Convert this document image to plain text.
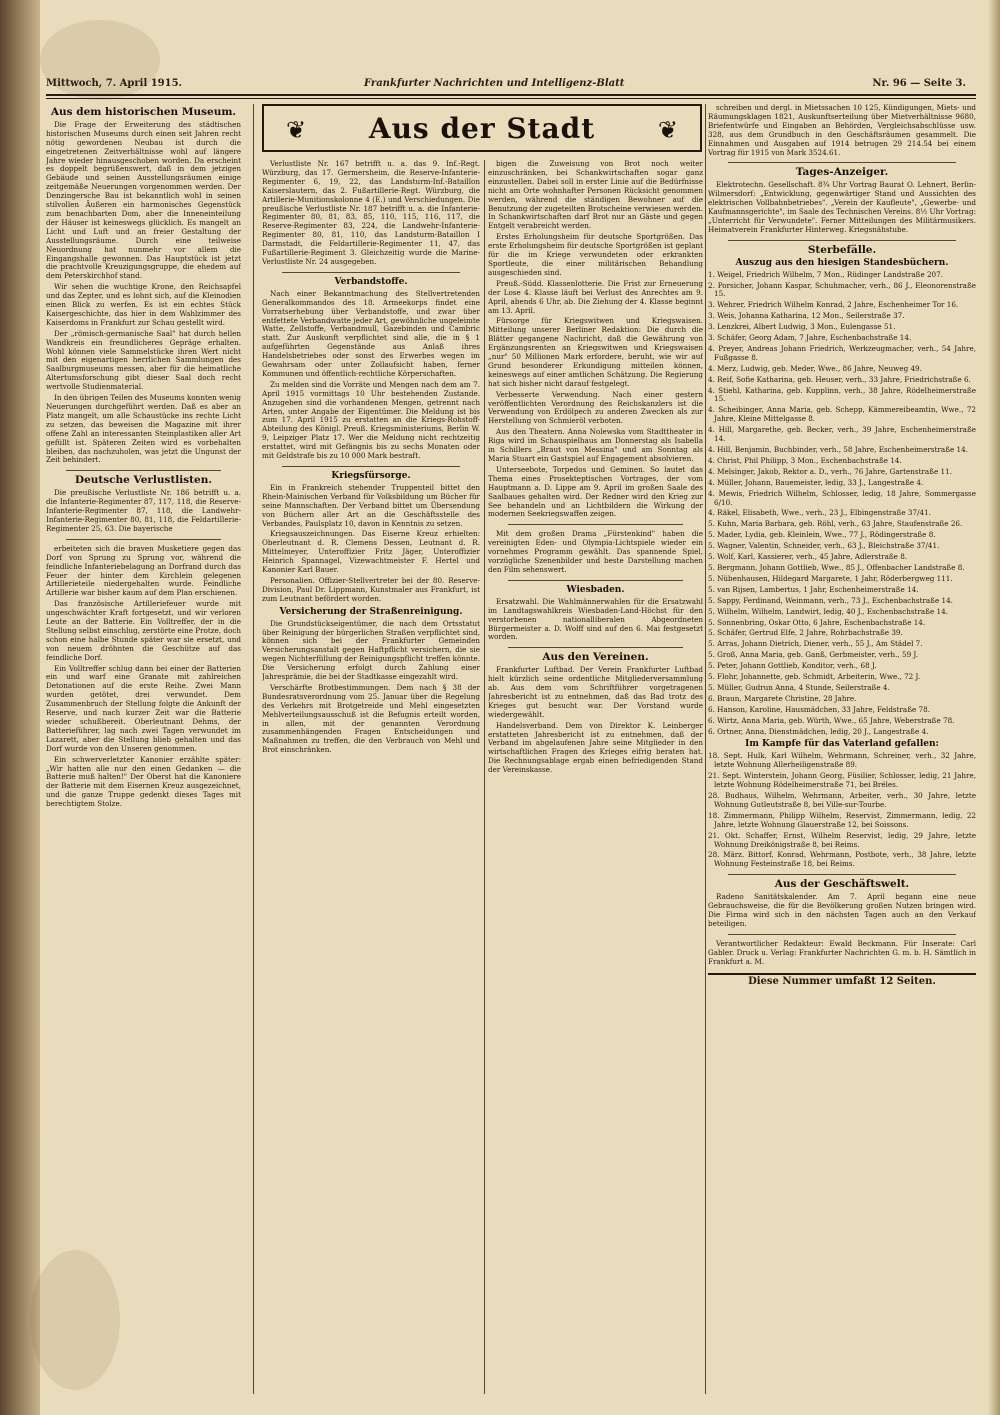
Mittwoch, 7. April 1915.	Frankfurter Nachrichten und Intelligenz-Blatt	Nr. 96 — Seite 3.
Aus dem historischen Museum.

Die Frage der Erweiterung des städtischen historischen Museums durch einen seit Jahren recht nötig gewordenen Neubau ist durch die eingetretenen Zeitverhältnisse wohl auf längere Jahre wieder hinausgeschoben worden. Da erscheint es doppelt begrüßenswert, daß in dem jetzigen Gebäude und seinen Ausstellungsräumen einige zeitgemäße Neuerungen vorgenommen werden. Der Denzingersche Bau ist bekanntlich wohl in seinen stilvollen Äußeren ein harmonisches Gegenstück zum benachbarten Dom, aber die Inneneinteilung der Häuser ist keineswegs glücklich. Es mangelt an Licht und Luft und an freier Gestaltung der Ausstellungsräume. Durch eine teilweise Neuordnung hat nunmehr vor allem die Eingangshalle gewonnen. Das Hauptstück ist jetzt die prachtvolle Kreuzigungsgruppe, die ehedem auf dem Peterskirchhof stand.

Wir sehen die wuchtige Krone, den Reichsapfel und das Zepter, und es lohnt sich, auf die Kleinodien einen Blick zu werfen. Es ist ein echtes Stück Kaisergeschichte, das hier in dem Wahlzimmer des Kaiserdoms in Frankfurt zur Schau gestellt wird.

Der „römisch-germanische Saal" hat durch hellen Wandkreis ein freundlicheres Gepräge erhalten. Wohl können viele Sammelstücke ihren Wert nicht mit den eigenartigen herrlichen Sammlungen des Saalburgmuseums messen, aber für die heimatliche Altertumsforschung gibt dieser Saal doch recht wertvolle Studienmaterial.

In den übrigen Teilen des Museums konnten wenig Neuerungen durchgeführt werden. Daß es aber an Platz mangelt, um alle Schaustücke ins rechte Licht zu setzen, das beweisen die Magazine mit ihrer offene Zahl an interessanten Steinplastiken aller Art gefüllt ist. Späteren Zeiten wird es vorbehalten bleiben, das nachzuholen, was jetzt die Ungunst der Zeit behindert.

Deutsche Verlustlisten.

Die preußische Verlustliste Nr. 186 betrifft u. a. die Infanterie-Regimenter 87, 117, 118, die Reserve-Infanterie-Regimenter 87, 118, die Landwehr-Infanterie-Regimenter 80, 81, 118, die Feldartillerie-Regimenter 25, 63. Die bayerische

erbeiteten sich die braven Musketiere gegen das Dorf von Sprung zu Sprung vor, während die feindliche Infanteriebelagung an Dorfrand durch das Feuer der hinter dem Kirchlein gelegenen Artillerieteile niedergehalten wurde. Feindliche Artillerie war bisher kaum auf dem Plan erschienen.

Das französische Artilleriefeuer wurde mit ungeschwächter Kraft fortgesetzt, und wir verloren Leute an der Batterie. Ein Volltreffer, der in die Stellung selbst einschlug, zerstörte eine Protze, doch schon eine halbe Stunde später war sie ersetzt, und von neuem dröhnten die Geschütze auf das feindliche Dorf.

Ein Volltreffer schlug dann bei einer der Batterien ein und warf eine Granate mit zahlreichen Detonationen auf die erste Reihe. Zwei Mann wurden getötet, drei verwundet. Dem Zusammenbruch der Stellung folgte die Ankunft der Reserve, und nach kurzer Zeit war die Batterie wieder schußbereit. Oberleutnant Dehms, der Batterieführer, lag nach zwei Tagen verwundet im Lazarett, aber die Stellung blieb gehalten und das Dorf wurde von den Unseren genommen.

Ein schwerverletzter Kanonier erzählte später: „Wir hatten alle nur den einen Gedanken — die Batterie muß halten!" Der Oberst hat die Kanoniere der Batterie mit dem Eisernen Kreuz ausgezeichnet, und die ganze Truppe gedenkt dieses Tages mit berechtigtem Stolze.

❦	Aus der Stadt	❦

Verlustliste Nr. 167 betrifft u. a. das 9. Inf.-Regt. Würzburg, das 17. Germersheim, die Reserve-Infanterie-Regimenter 6, 19, 22, das Landsturm-Inf.-Bataillon Kaiserslautern, das 2. Fußartillerie-Regt. Würzburg, die Artillerie-Munitionskolonne 4 (E.) und Verschiedungen. Die preußische Verlustliste Nr. 187 betrifft u. a. die Infanterie-Regimenter 80, 81, 83, 85, 110, 115, 116, 117, die Reserve-Regimenter 83, 224, die Landwehr-Infanterie-Regimenter 80, 81, 110, das Landsturm-Bataillon I Darmstadt, die Feldartillerie-Regimenter 11, 47, das Fußartillerie-Regiment 3. Gleichzeitig wurde die Marine-Verlustliste Nr. 24 ausgegeben.

Verbandstoffe.

Nach einer Bekanntmachung des Stellvertretenden Generalkommandos des 18. Armeekorps findet eine Vorratserhebung über Verbandstoffe, und zwar über entfettete Verbandwatte jeder Art, gewöhnliche ungeleimte Watte, Zellstoffe, Verbandmull, Gazebinden und Cambric statt. Zur Auskunft verpflichtet sind alle, die in § 1 aufgeführten Gegenstände aus Anlaß ihres Handelsbetriebes oder sonst des Erwerbes wegen im Gewahrsam oder unter Zollaufsicht haben, ferner Kommunen und öffentlich-rechtliche Körperschaften.

Zu melden sind die Vorräte und Mengen nach dem am 7. April 1915 vormittags 10 Uhr bestehenden Zustande. Anzugeben sind die vorhandenen Mengen, getrennt nach Arten, unter Angabe der Eigentümer. Die Meldung ist bis zum 17. April 1915 zu erstatten an die Kriegs-Rohstoff-Abteilung des Königl. Preuß. Kriegsministeriums, Berlin W. 9, Leipziger Platz 17. Wer die Meldung nicht rechtzeitig erstattet, wird mit Gefängnis bis zu sechs Monaten oder mit Geldstrafe bis zu 10 000 Mark bestraft.

Kriegsfürsorge.

Ein in Frankreich stehender Truppenteil bittet den Rhein-Mainischen Verband für Volksbildung um Bücher für seine Mannschaften. Der Verband bittet um Übersendung von Büchern aller Art an die Geschäftsstelle des Verbandes, Paulsplatz 10, davon in Kenntnis zu setzen.

Kriegsauszeichnungen. Das Eiserne Kreuz erhielten: Oberleutnant d. R. Clemens Dessen, Leutnant d. R. Mittelmeyer, Unteroffizier Fritz Jäger, Unteroffizier Heinrich Spannagel, Vizewachtmeister F. Hertel und Kanonier Karl Bauer.

Personalien. Offizier-Stellvertreter bei der 80. Reserve-Division, Paul Dr. Lippmann, Kunstmaler aus Frankfurt, ist zum Leutnant befördert worden.

Versicherung der Straßenreinigung.

Die Grundstückseigentümer, die nach dem Ortsstatut über Reinigung der bürgerlichen Straßen verpflichtet sind, können sich bei der Frankfurter Gemeinden Versicherungsanstalt gegen Haftpflicht versichern, die sie wegen Nichterfüllung der Reinigungspflicht treffen könnte. Die Versicherung erfolgt durch Zahlung einer Jahresprämie, die bei der Stadtkasse eingezahlt wird.

Verschärfte Brotbestimmungen. Dem nach § 38 der Bundesratsverordnung vom 25. Januar über die Regelung des Verkehrs mit Brotgetreide und Mehl eingesetzten Mehlverteilungsausschuß ist die Befugnis erteilt worden, in allen, mit der genannten Verordnung zusammenhängenden Fragen Entscheidungen und Maßnahmen zu treffen, die den Verbrauch von Mehl und Brot einschränken.

bigen die Zuweisung von Brot noch weiter einzuschränken, bei Schankwirtschaften sogar ganz einzustellen. Dabei soll in erster Linie auf die Bedürfnisse nicht am Orte wohnhafter Personen Rücksicht genommen werden, während die ständigen Bewohner auf die Benutzung der zugeteilten Brotscheine verwiesen werden. In Schankwirtschaften darf Brot nur an Gäste und gegen Entgelt verabreicht werden.

Erstes Erholungsheim für deutsche Sportgrößen. Das erste Erholungsheim für deutsche Sportgrößen ist geplant für die im Kriege verwundeten oder erkrankten Sportleute, die einer militärischen Behandlung ausgeschieden sind.

Preuß.-Südd. Klassenlotterie. Die Frist zur Erneuerung der Lose 4. Klasse läuft bei Verlust des Anrechtes am 9. April, abends 6 Uhr, ab. Die Ziehung der 4. Klasse beginnt am 13. April.

Fürsorge für Kriegswitwen und Kriegswaisen. Mitteilung unserer Berliner Redaktion: Die durch die Blätter gegangene Nachricht, daß die Gewährung von Ergänzungsrenten an Kriegswitwen und Kriegswaisen „nur" 50 Millionen Mark erfordere, beruht, wie wir auf Grund besonderer Erkundigung mitteilen können, keineswegs auf einer amtlichen Schätzung. Die Regierung hat sich bisher nicht darauf festgelegt.

Verbesserte Verwendung. Nach einer gestern veröffentlichten Verordnung des Reichskanzlers ist die Verwendung von Erdölpech zu anderen Zwecken als zur Herstellung von Schmieröl verboten.

Aus den Theatern. Anna Nolewska vom Stadttheater in Riga wird im Schauspielhaus am Donnerstag als Isabella in Schillers „Braut von Messina" und am Sonntag als Maria Stuart ein Gastspiel auf Engagement absolvieren.

Unterseebote, Torpedos und Geminen. So lautet das Thema eines Prosekteptischen Vortrages, der vom Hauptmann a. D. Lippe am 9. April im großen Saale des Saalbaues gehalten wird. Der Redner wird den Krieg zur See behandeln und an Lichtbildern die Wirkung der modernen Seekriegswaffen zeigen.

Mit dem großen Drama „Fürstenkind" haben die vereinigten Eden- und Olympia-Lichtspiele wieder ein vornehmes Programm gewählt. Das spannende Spiel, vorzügliche Szenenbilder und beste Darstellung machen den Film sehenswert.

Wiesbaden.

Ersatzwahl. Die Wahlmännerwahlen für die Ersatzwahl im Landtagswahlkreis Wiesbaden-Land-Höchst für den verstorbenen nationalliberalen Abgeordneten Bürgermeister a. D. Wolff sind auf den 6. Mai festgesetzt worden.

Aus den Vereinen.

Frankfurter Luftbad. Der Verein Frankfurter Luftbad hielt kürzlich seine ordentliche Mitgliederversammlung ab. Aus dem vom Schriftführer vorgetragenen Jahresbericht ist zu entnehmen, daß das Bad trotz des Krieges gut besucht war. Der Vorstand wurde wiedergewählt.

Handelsverband. Dem von Direktor K. Leinberger erstatteten Jahresbericht ist zu entnehmen, daß der Verband im abgelaufenen Jahre seine Mitglieder in den wirtschaftlichen Fragen des Krieges eifrig beraten hat. Die Rechnungsablage ergab einen befriedigenden Stand der Vereinskasse.

schreiben und dergl. in Mietssachen 10 125, Kündigungen, Miets- und Räumungsklagen 1821, Auskunftserteilung über Mietverhältnisse 9680, Briefentwürfe und Eingaben an Behörden, Vergleichsabschlüsse usw. 328, aus dem Grundbuch in den Geschäftsräumen gesammelt. Die Einnahmen und Ausgaben auf 1914 betrugen 29 214.54 bei einem Vortrag für 1915 von Mark 3524.61.

Tages-Anzeiger.

Elektrotechn. Gesellschaft. 8¾ Uhr Vortrag Baurat O. Lehnert. Berlin-Wilmersdorf: „Entwicklung, gegenwärtiger Stand und Aussichten des elektrischen Vollbahnbetriebes". „Verein der Kaufleute", „Gewerbe- und Kaufmannsgerichte", im Saale des Technischen Vereins. 8½ Uhr Vortrag: „Unterricht für Verwundete". Ferner Mitteilungen des Militärmusikers. Heimatverein Frankfurter Hinterweg. Kriegsnähstube.

Sterbefälle.
Auszug aus den hiesigen Standesbüchern.

1. Weigel, Friedrich Wilhelm, 7 Mon., Rüdinger Landstraße 207.

2. Porsicher, Johann Kaspar, Schuhmacher, verh., 86 J., Eleonorenstraße 15.

3. Wehrer, Friedrich Wilhelm Konrad, 2 Jahre, Eschenheimer Tor 16.

3. Weis, Johanna Katharina, 12 Mon., Seilerstraße 37.

3. Lenzkrei, Albert Ludwig, 3 Mon., Eulengasse 51.

3. Schäfer, Georg Adam, 7 Jahre, Eschenbachstraße 14.

4. Preyer, Andreas Johann Friedrich, Werkzeugmacher, verh., 54 Jahre, Fußgasse 8.

4. Merz, Ludwig, geb. Meder, Wwe., 86 Jahre, Neuweg 49.

4. Reif, Sofie Katharina, geb. Heuser, verh., 33 Jahre, Friedrichstraße 6.

4. Stiehl, Katharina, geb. Kupplinn, verh., 38 Jahre, Rödelheimerstraße 15.

4. Scheibinger, Anna Maria, geb. Schepp, Kämmereibeamtin, Wwe., 72 Jahre, Kleine Mittelgasse 8.

4. Hill, Margarethe, geb. Becker, verh., 39 Jahre, Eschenheimerstraße 14.

4. Hill, Benjamin, Buchbinder, verh., 58 Jahre, Eschenheimerstraße 14.

4. Christ, Phil Philipp, 3 Mon., Eschenbachstraße 14.

4. Melsinger, Jakob, Rektor a. D., verh., 76 Jahre, Gartenstraße 11.

4. Müller, Johann, Bauemeister, ledig, 33 J., Langestraße 4.

4. Mewis, Friedrich Wilhelm, Schlosser, ledig, 18 Jahre, Sommergasse 6/10.

4. Räkel, Elisabeth, Wwe., verh., 23 J., Elbingenstraße 37/41.

5. Kuhn, Maria Barbara, geb. Röhl, verh., 63 Jahre, Staufenstraße 26.

5. Mader, Lydia, geb. Kleinlein, Wwe., 77 J., Rödingerstraße 8.

5. Wagner, Valentin, Schneider, verh., 63 J., Bleichstraße 37/41.

5. Wolf, Karl, Kassierer, verh., 45 Jahre, Adlerstraße 8.

5. Bergmann, Johann Gottlieb, Wwe., 85 J., Offenbacher Landstraße 8.

5. Nübenhausen, Hildegard Margarete, 1 Jahr, Röderbergweg 111.

5. van Rijsen, Lambertus, 1 Jahr, Eschenheimerstraße 14.

5. Sappy, Ferdinand, Weinmann, verh., 73 J., Eschenbachstraße 14.

5. Wilhelm, Wilhelm, Landwirt, ledig, 40 J., Eschenbachstraße 14.

5. Sonnenbring, Oskar Otto, 6 Jahre, Eschenbachstraße 14.

5. Schäfer, Gertrud Elfe, 2 Jahre, Rohrbachstraße 39.

5. Arras, Johann Dietrich, Diener, verh., 55 J., Am Städel 7.

5. Groß, Anna Maria, geb. Ganß, Gerbmeister, verh., 59 J.

5. Peter, Johann Gottlieb, Konditor, verh., 68 J.

5. Flohr, Johannette, geb. Schmidt, Arbeiterin, Wwe., 72 J.

5. Müller, Gudrun Anna, 4 Stunde, Seilerstraße 4.

6. Braun, Margarete Christine, 28 Jahre.

6. Hanson, Karoline, Hausmädchen, 33 Jahre, Feldstraße 78.

6. Wirtz, Anna Maria, geb. Würth, Wwe., 65 Jahre, Weberstraße 78.

6. Ortner, Anna, Dienstmädchen, ledig, 20 J., Langestraße 4.

Im Kampfe für das Vaterland gefallen:

18. Sept. Hulk, Karl Wilhelm, Wehrmann, Schreiner, verh., 32 Jahre, letzte Wohnung Allerheiligenstraße 89.

21. Sept. Winterstein, Johann Georg, Füsilier, Schlosser, ledig, 21 Jahre, letzte Wohnung Rödelheimerstraße 71, bei Bréles.

28. Budhaus, Wilhelm, Wehrmann, Arbeiter, verh., 30 Jahre, letzte Wohnung Gutleutstraße 8, bei Ville-sur-Tourbe.

18. Zimmermann, Philipp Wilhelm, Reservist, Zimmermann, ledig, 22 Jahre, letzte Wohnung Glauerstraße 12, bei Soissons.

21. Okt. Schaffer, Ernst, Wilhelm Reservist, ledig, 29 Jahre, letzte Wohnung Dreikönigstraße 8, bei Reims.

28. März. Bittorf, Konrad, Wehrmann, Postbote, verh., 38 Jahre, letzte Wohnung Festeinstraße 18, bei Reims.

Aus der Geschäftswelt.

Radeno Sanitätskalender. Am 7. April begann eine neue Gebrauchsweise, die für die Bevölkerung großen Nutzen bringen wird. Die Firma wird sich in den nächsten Tagen auch an den Verkauf beteiligen.

Verantwortlicher Redakteur: Ewald Beckmann. Für Inserate: Carl Gabler. Druck u. Verlag: Frankfurter Nachrichten G. m. b. H. Sämtlich in Frankfurt a. M.

Diese Nummer umfaßt 12 Seiten.
